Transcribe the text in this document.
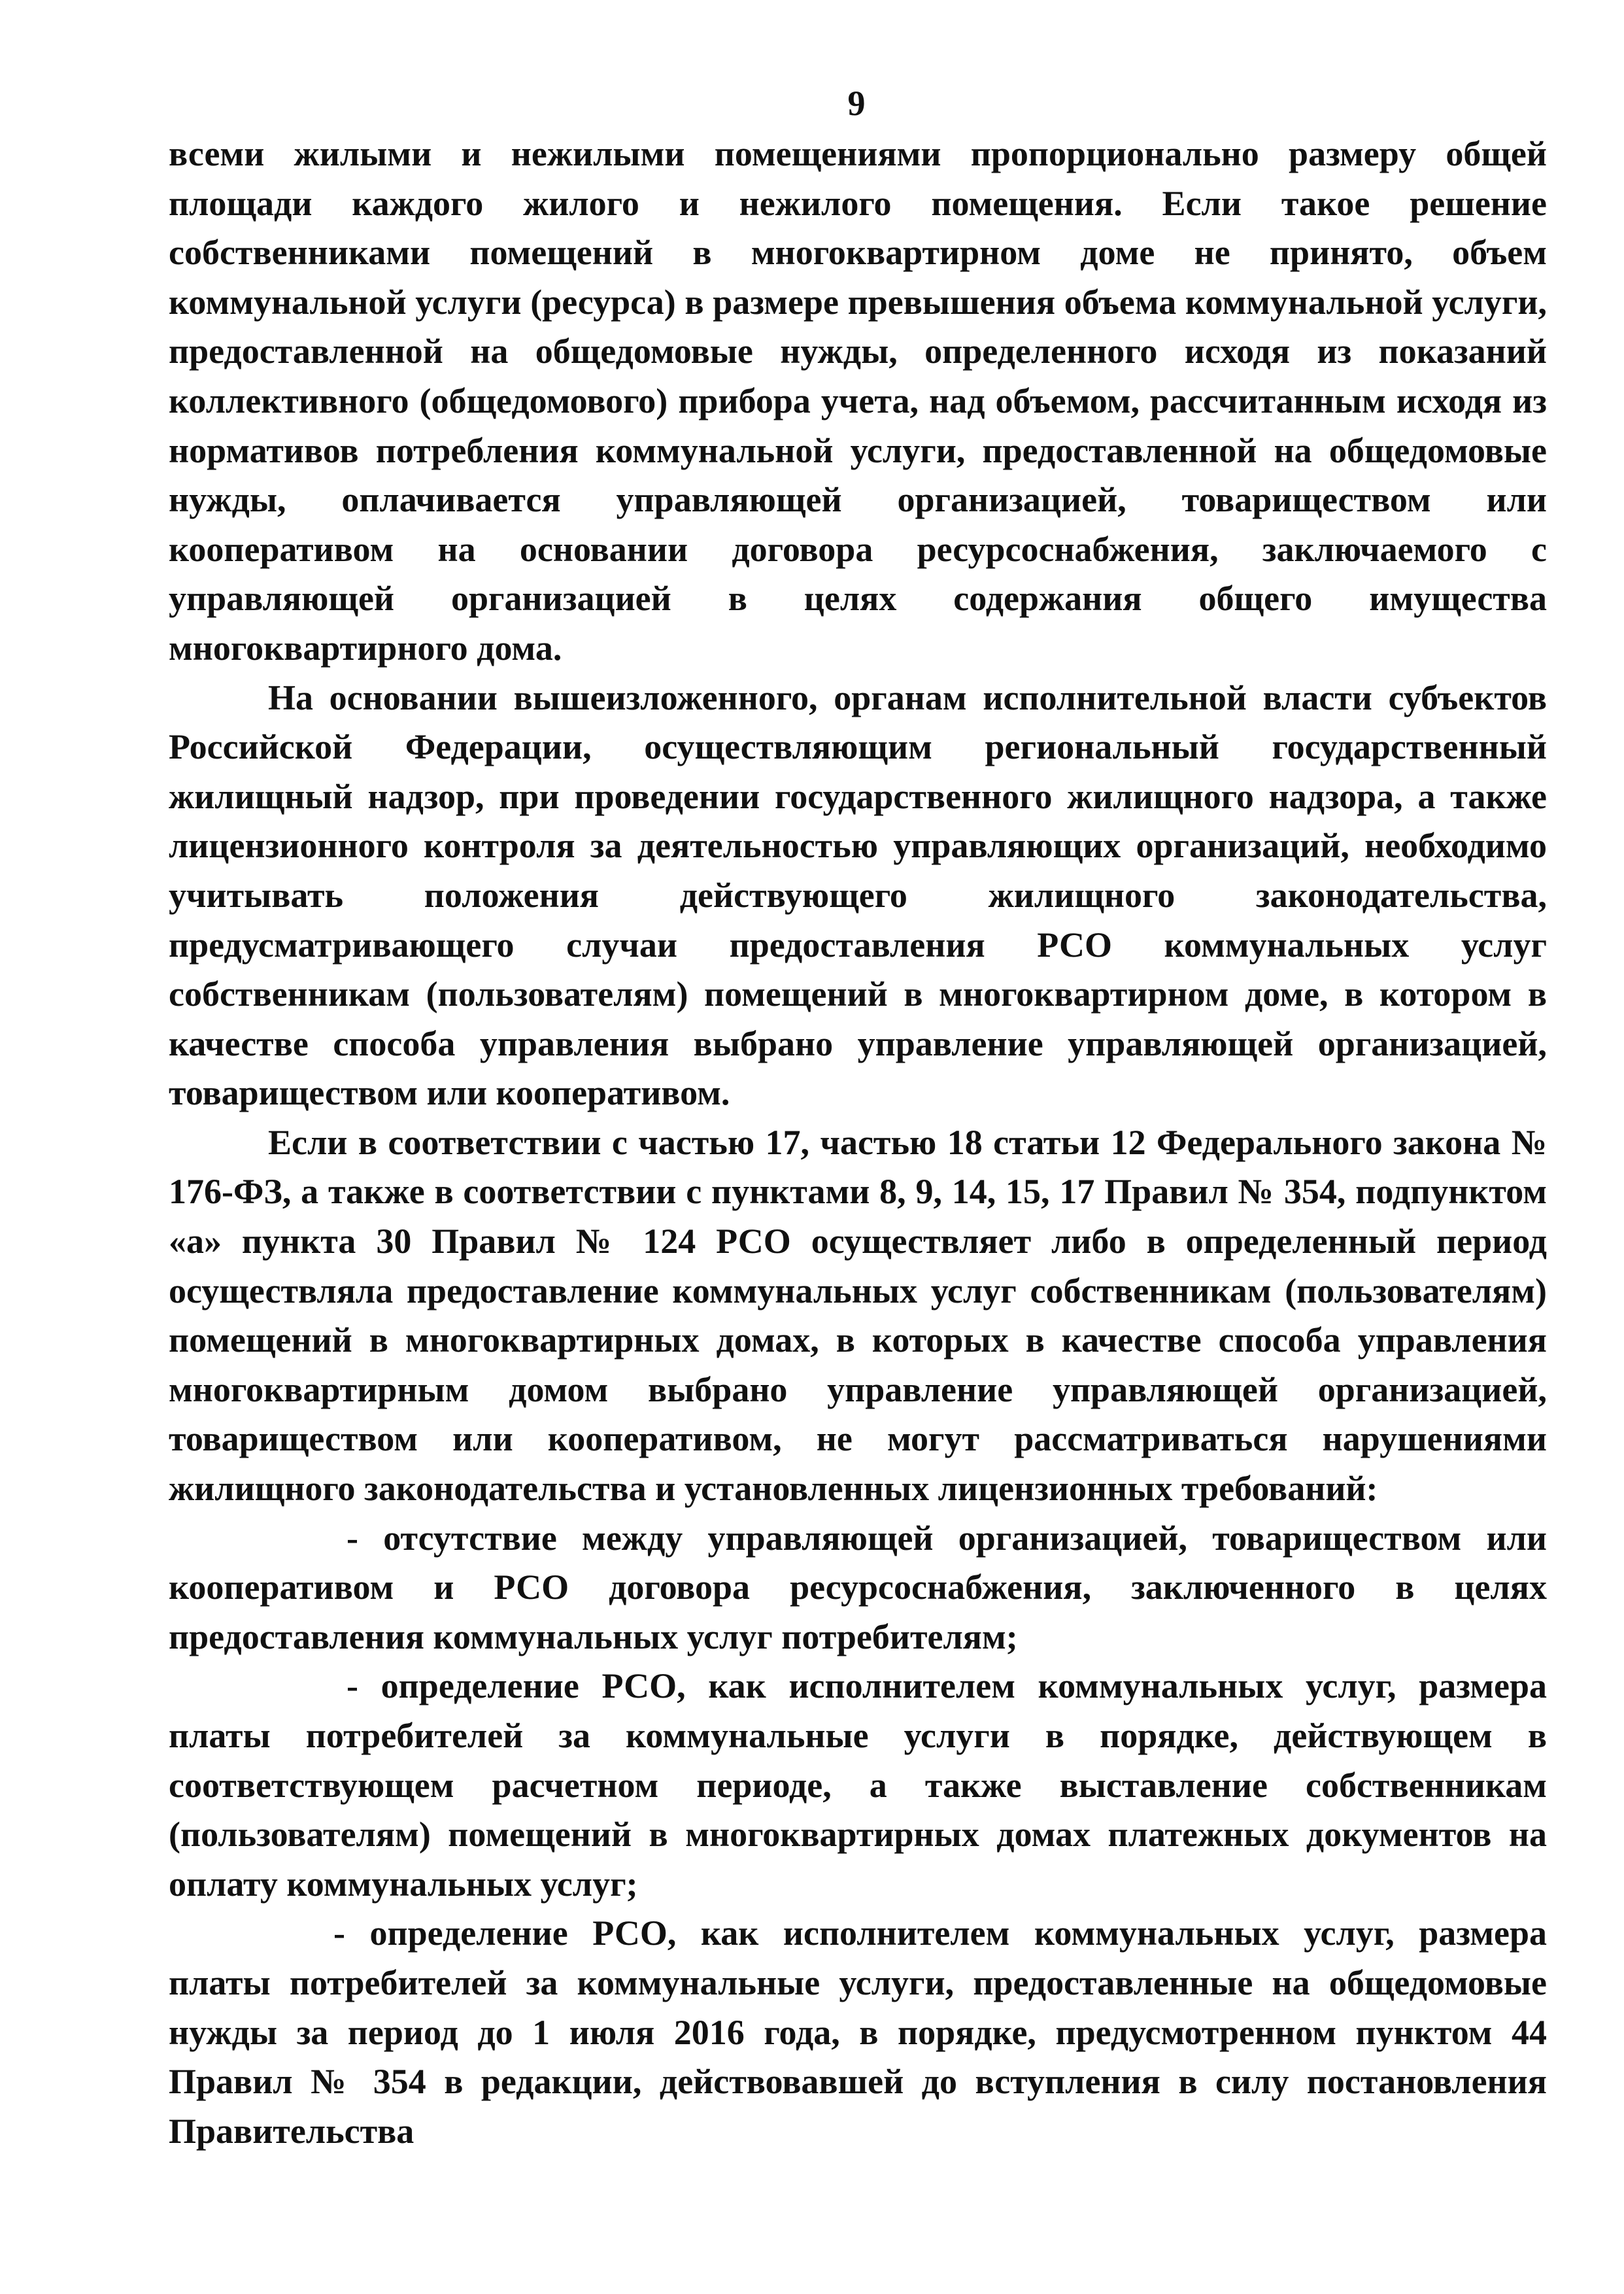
9

всеми жилыми и нежилыми помещениями пропорционально размеру общей площади каждого жилого и нежилого помещения. Если такое решение собственниками помещений в многоквартирном доме не принято, объем коммунальной услуги (ресурса) в размере превышения объема коммунальной услуги, предоставленной на общедомовые нужды, определенного исходя из показаний коллективного (общедомового) прибора учета, над объемом, рассчитанным исходя из нормативов потребления коммунальной услуги, предоставленной на общедомовые нужды, оплачивается управляющей организацией, товариществом или кооперативом на основании договора ресурсоснабжения, заключаемого с управляющей организацией в целях содержания общего имущества многоквартирного дома.

На основании вышеизложенного, органам исполнительной власти субъектов Российской Федерации, осуществляющим региональный государственный жилищный надзор, при проведении государственного жилищного надзора, а также лицензионного контроля за деятельностью управляющих организаций, необходимо учитывать положения действующего жилищного законодательства, предусматривающего случаи предоставления РСО коммунальных услуг собственникам (пользователям) помещений в многоквартирном доме, в котором в качестве способа управления выбрано управление управляющей организацией, товариществом или кооперативом.

Если в соответствии с частью 17, частью 18 статьи 12 Федерального закона № 176-ФЗ, а также в соответствии с пунктами 8, 9, 14, 15, 17 Правил № 354, подпунктом «а» пункта 30 Правил № 124 РСО осуществляет либо в определенный период осуществляла предоставление коммунальных услуг собственникам (пользователям) помещений в многоквартирных домах, в которых в качестве способа управления многоквартирным домом выбрано управление управляющей организацией, товариществом или кооперативом, не могут рассматриваться нарушениями жилищного законодательства и установленных лицензионных требований:

- отсутствие между управляющей организацией, товариществом или кооперативом и РСО договора ресурсоснабжения, заключенного в целях предоставления коммунальных услуг потребителям;

- определение РСО, как исполнителем коммунальных услуг, размера платы потребителей за коммунальные услуги в порядке, действующем в соответствующем расчетном периоде, а также выставление собственникам (пользователям) помещений в многоквартирных домах платежных документов на оплату коммунальных услуг;

- определение РСО, как исполнителем коммунальных услуг, размера платы потребителей за коммунальные услуги, предоставленные на общедомовые нужды за период до 1 июля 2016 года, в порядке, предусмотренном пунктом 44 Правил № 354 в редакции, действовавшей до вступления в силу постановления Правительства
